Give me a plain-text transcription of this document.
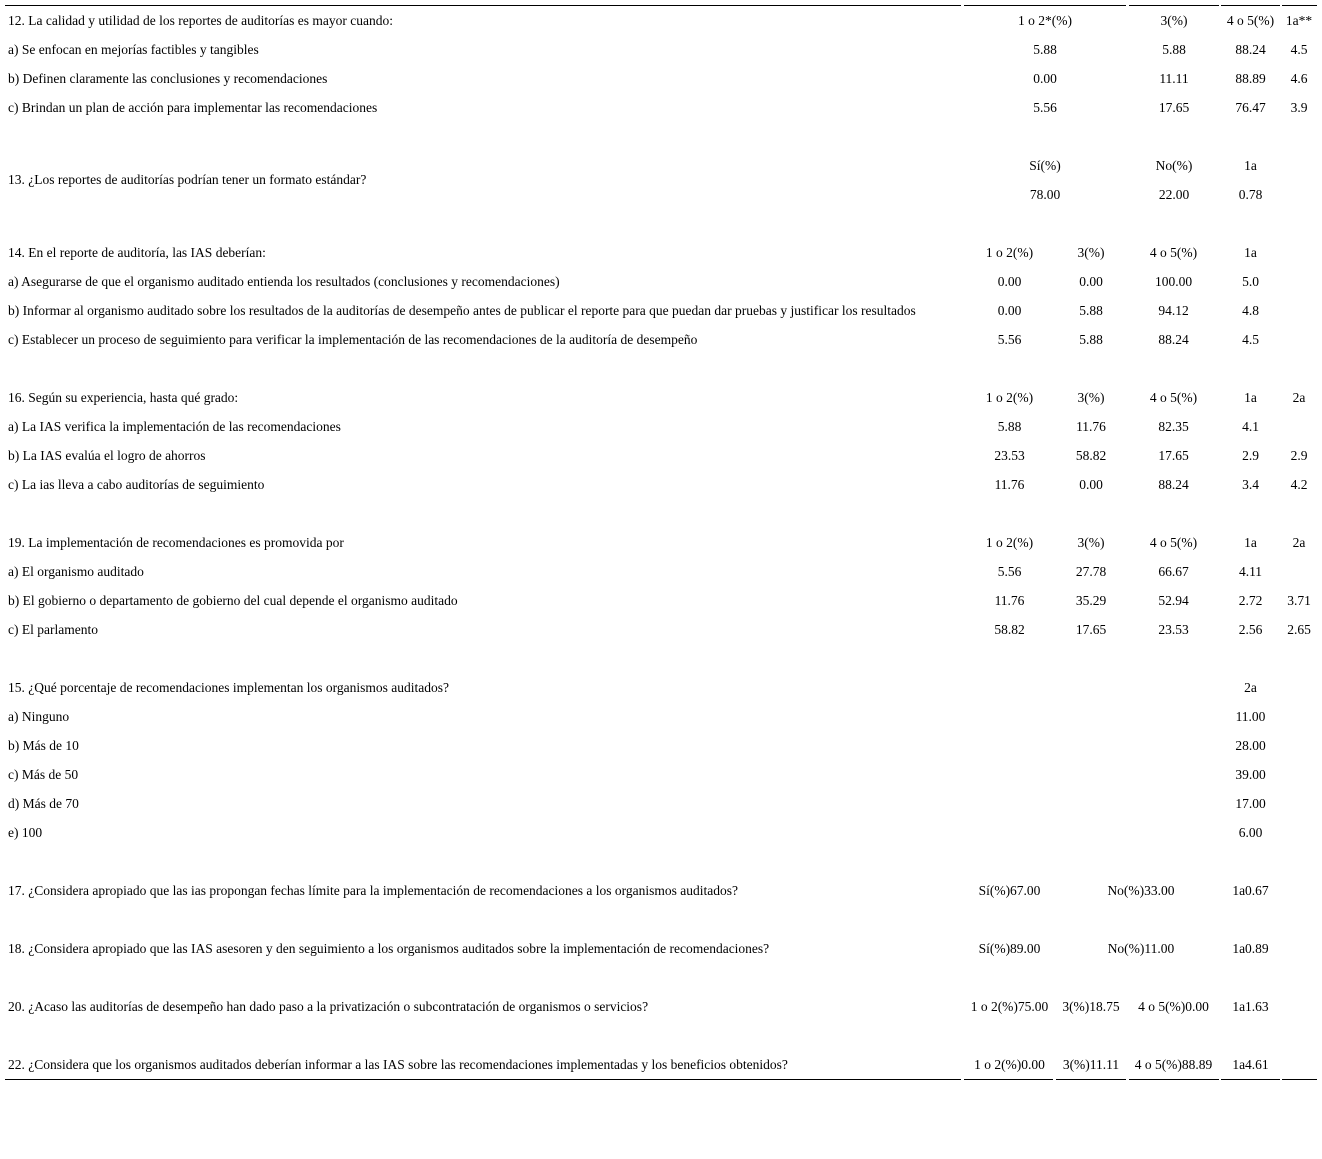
12. La calidad y utilidad de los reportes de auditorías es mayor cuando:	1 o 2*(%)	3(%)	4 o 5(%) 1a**
a) Se enfocan en mejorías factibles y tangibles	5.88	5.88	88.24	4.5
b) Definen claramente las conclusiones y recomendaciones	0.00	11.11	88.89	4.6
c) Brindan un plan de acción para implementar las recomendaciones	5.56	17.65	76.47	3.9
13. ¿Los reportes de auditorías podrían tener un formato estándar?
Sí(%)	No(%)	1a
78.00	22.00	0.78
14. En el reporte de auditoría, las IAS deberían:	1 o 2(%)	3(%)	4 o 5(%)	1a
a) Asegurarse de que el organismo auditado entienda los resultados (conclusiones y recomendaciones)	0.00	0.00	100.00	5.0
b) Informar al organismo auditado sobre los resultados de la auditorías de desempeño antes de publicar el reporte para que puedan dar pruebas y justificar los resultados	0.00	5.88	94.12	4.8
c) Establecer un proceso de seguimiento para verificar la implementación de las recomendaciones de la auditoría de desempeño	5.56	5.88	88.24	4.5
16. Según su experiencia, hasta qué grado:	1 o 2(%)	3(%)	4 o 5(%)	1a	2a
a) La IAS verifica la implementación de las recomendaciones	5.88	11.76	82.35	4.1
b) La IAS evalúa el logro de ahorros	23.53	58.82	17.65	2.9	2.9
c) La ias lleva a cabo auditorías de seguimiento	11.76	0.00	88.24	3.4	4.2
19. La implementación de recomendaciones es promovida por	1 o 2(%)	3(%)	4 o 5(%)	1a	2a
a) El organismo auditado	5.56	27.78	66.67	4.11
b) El gobierno o departamento de gobierno del cual depende el organismo auditado	11.76	35.29	52.94	2.72	3.71
c) El parlamento	58.82	17.65	23.53	2.56	2.65
15. ¿Qué porcentaje de recomendaciones implementan los organismos auditados?	2a
a) Ninguno	11.00
b) Más de 10	28.00
c) Más de 50	39.00
d) Más de 70	17.00
e) 100	6.00
17. ¿Considera apropiado que las ias propongan fechas límite para la implementación de recomendaciones a los organismos auditados?	Sí(%)67.00	No(%)33.00	1a0.67
18. ¿Considera apropiado que las IAS asesoren y den seguimiento a los organismos auditados sobre la implementación de recomendaciones?	Sí(%)89.00	No(%)11.00	1a0.89
20. ¿Acaso las auditorías de desempeño han dado paso a la privatización o subcontratación de organismos o servicios?	1 o 2(%)75.00	3(%)18.75	4 o 5(%)0.00	1a1.63
22. ¿Considera que los organismos auditados deberían informar a las IAS sobre las recomendaciones implementadas y los beneficios obtenidos?	1 o 2(%)0.00	3(%)11.11	4 o 5(%)88.89	1a4.61
